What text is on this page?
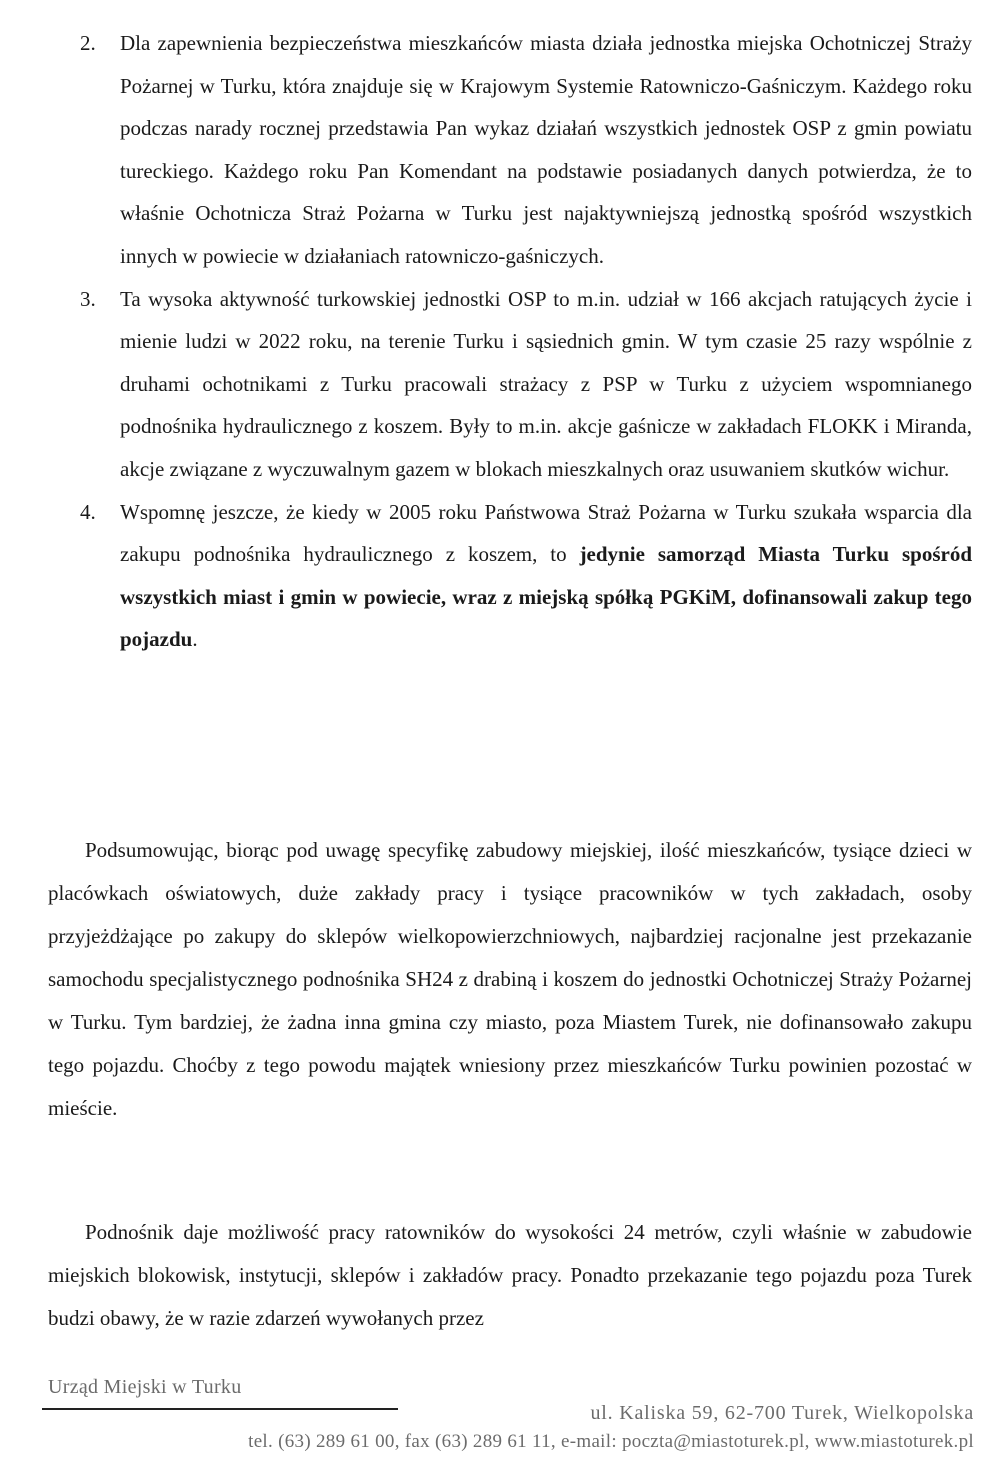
2. Dla zapewnienia bezpieczeństwa mieszkańców miasta działa jednostka miejska Ochotniczej Straży Pożarnej w Turku, która znajduje się w Krajowym Systemie Ratowniczo-Gaśniczym. Każdego roku podczas narady rocznej przedstawia Pan wykaz działań wszystkich jednostek OSP z gmin powiatu tureckiego. Każdego roku Pan Komendant na podstawie posiadanych danych potwierdza, że to właśnie Ochotnicza Straż Pożarna w Turku jest najaktywniejszą jednostką spośród wszystkich innych w powiecie w działaniach ratowniczo-gaśniczych.
3. Ta wysoka aktywność turkowskiej jednostki OSP to m.in. udział w 166 akcjach ratujących życie i mienie ludzi w 2022 roku, na terenie Turku i sąsiednich gmin. W tym czasie 25 razy wspólnie z druhami ochotnikami z Turku pracowali strażacy z PSP w Turku z użyciem wspomnianego podnośnika hydraulicznego z koszem. Były to m.in. akcje gaśnicze w zakładach FLOKK i Miranda, akcje związane z wyczuwalnym gazem w blokach mieszkalnych oraz usuwaniem skutków wichur.
4. Wspomnę jeszcze, że kiedy w 2005 roku Państwowa Straż Pożarna w Turku szukała wsparcia dla zakupu podnośnika hydraulicznego z koszem, to jedynie samorząd Miasta Turku spośród wszystkich miast i gmin w powiecie, wraz z miejską spółką PGKiM, dofinansowali zakup tego pojazdu.

Podsumowując, biorąc pod uwagę specyfikę zabudowy miejskiej, ilość mieszkańców, tysiące dzieci w placówkach oświatowych, duże zakłady pracy i tysiące pracowników w tych zakładach, osoby przyjeżdżające po zakupy do sklepów wielkopowierzchniowych, najbardziej racjonalne jest przekazanie samochodu specjalistycznego podnośnika SH24 z drabiną i koszem do jednostki Ochotniczej Straży Pożarnej w Turku. Tym bardziej, że żadna inna gmina czy miasto, poza Miastem Turek, nie dofinansowało zakupu tego pojazdu. Choćby z tego powodu majątek wniesiony przez mieszkańców Turku powinien pozostać w mieście.

Podnośnik daje możliwość pracy ratowników do wysokości 24 metrów, czyli właśnie w zabudowie miejskich blokowisk, instytucji, sklepów i zakładów pracy. Ponadto przekazanie tego pojazdu poza Turek budzi obawy, że w razie zdarzeń wywołanych przez

Urząd Miejski w Turku
ul. Kaliska 59, 62-700 Turek, Wielkopolska
tel. (63) 289 61 00, fax (63) 289 61 11, e-mail: poczta@miastoturek.pl, www.miastoturek.pl
